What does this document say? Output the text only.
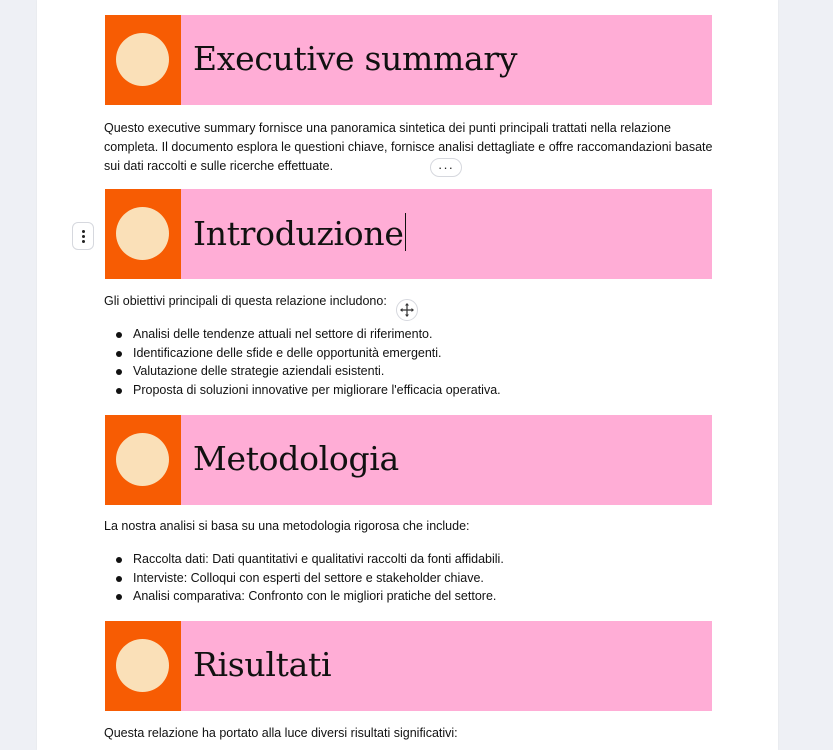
Executive summary
Questo executive summary fornisce una panoramica sintetica dei punti principali trattati nella relazione completa. Il documento esplora le questioni chiave, fornisce analisi dettagliate e offre raccomandazioni basate sui dati raccolti e sulle ricerche effettuate.	···
Introduzione
Gli obiettivi principali di questa relazione includono:
Analisi delle tendenze attuali nel settore di riferimento.
Identificazione delle sfide e delle opportunità emergenti.
Valutazione delle strategie aziendali esistenti.
Proposta di soluzioni innovative per migliorare l'efficacia operativa.
Metodologia
La nostra analisi si basa su una metodologia rigorosa che include:
Raccolta dati: Dati quantitativi e qualitativi raccolti da fonti affidabili.
Interviste: Colloqui con esperti del settore e stakeholder chiave.
Analisi comparativa: Confronto con le migliori pratiche del settore.
Risultati
Questa relazione ha portato alla luce diversi risultati significativi:
